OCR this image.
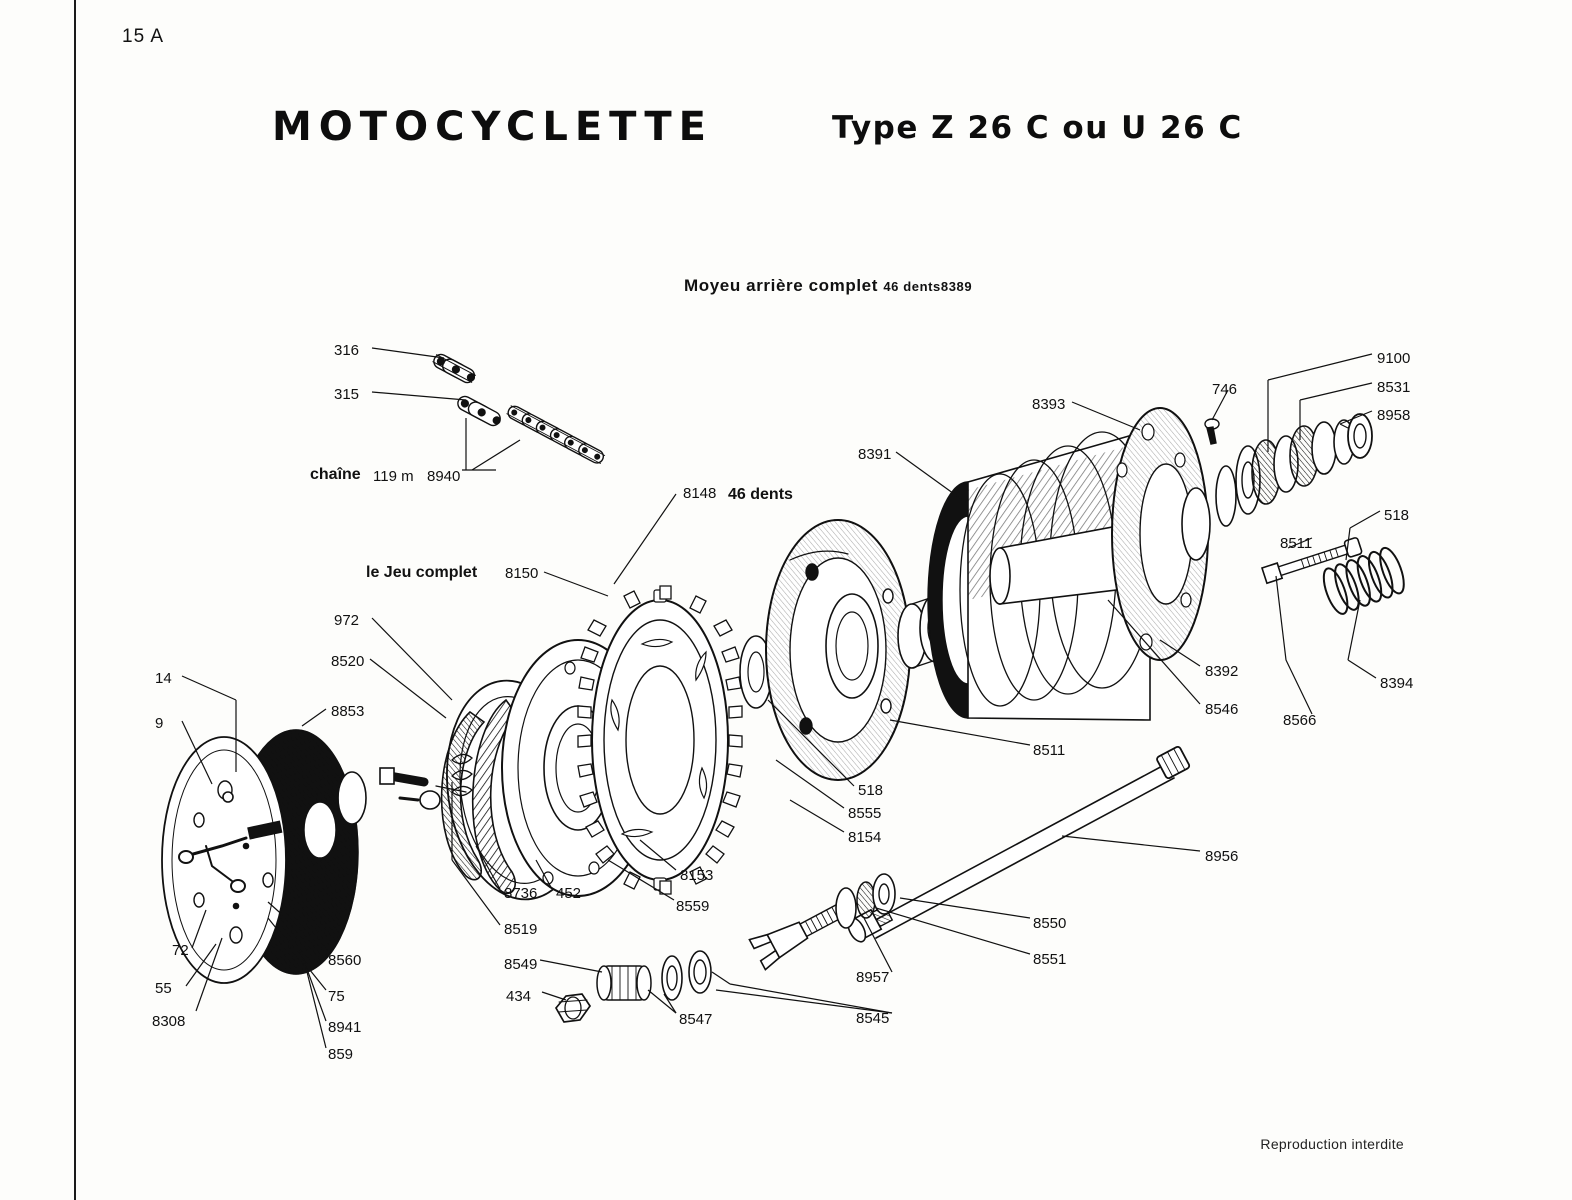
15 A
MOTOCYCLETTE	Type Z 26 C ou U 26 C
Moyeu arrière complet 46 dents8389
316
315
chaîne 119 m 8940
8148 46 dents
le Jeu complet 8150
972
8520
8853
14
9
72
55
8308
8560
75
8941
859
8736 452
8519
8559
8153
8154
8555
518
8511
8391
8393
746
9100
8531
8958
518
8511
8394
8566
8392
8546
8956
8550
8551
8957
8545
8549
434
8547
Reproduction interdite
